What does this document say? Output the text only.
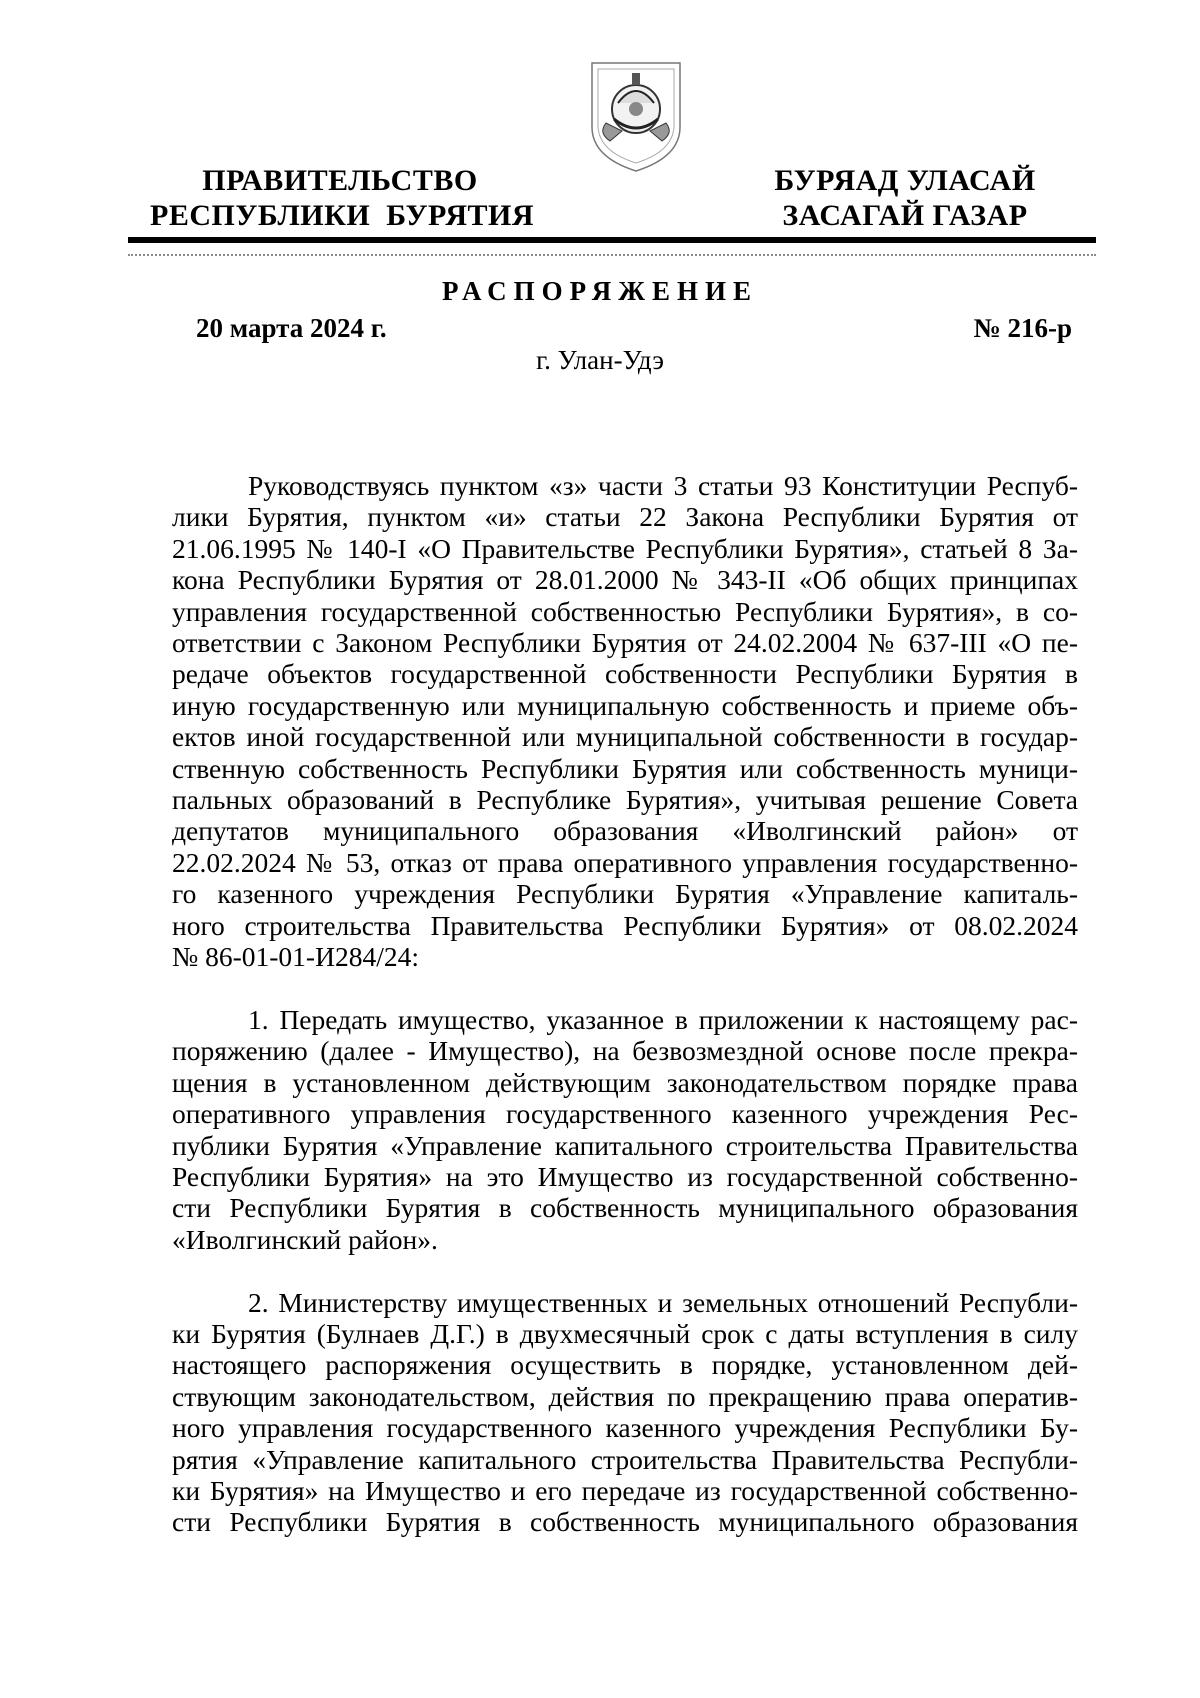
ПРАВИТЕЛЬСТВО
РЕСПУБЛИКИ  БУРЯТИЯ
БУРЯАД УЛАСАЙ
ЗАСАГАЙ ГАЗАР
РАСПОРЯЖЕНИЕ
20 марта 2024 г.	№ 216-р
г. Улан-Удэ
Руководствуясь пунктом «з» части 3 статьи 93 Конституции Респуб-
лики Бурятия, пунктом «и» статьи 22 Закона Республики Бурятия от
21.06.1995 № 140-I «О Правительстве Республики Бурятия», статьей 8 За-
кона Республики Бурятия от 28.01.2000 № 343-II «Об общих принципах
управления государственной собственностью Республики Бурятия», в со-
ответствии с Законом Республики Бурятия от 24.02.2004 № 637-III «О пе-
редаче объектов государственной собственности Республики Бурятия в
иную государственную или муниципальную собственность и приеме объ-
ектов иной государственной или муниципальной собственности в государ-
ственную собственность Республики Бурятия или собственность муници-
пальных образований в Республике Бурятия», учитывая решение Совета
депутатов муниципального образования «Иволгинский район» от
22.02.2024 № 53, отказ от права оперативного управления государственно-
го казенного учреждения Республики Бурятия «Управление капиталь-
ного строительства Правительства Республики Бурятия» от 08.02.2024
№ 86-01-01-И284/24:
1. Передать имущество, указанное в приложении к настоящему рас-
поряжению (далее - Имущество), на безвозмездной основе после прекра-
щения в установленном действующим законодательством порядке права
оперативного управления государственного казенного учреждения Рес-
публики Бурятия «Управление капитального строительства Правительства
Республики Бурятия» на это Имущество из государственной собственно-
сти Республики Бурятия в собственность муниципального образования
«Иволгинский район».
2. Министерству имущественных и земельных отношений Республи-
ки Бурятия (Булнаев Д.Г.) в двухмесячный срок с даты вступления в силу
настоящего распоряжения осуществить в порядке, установленном дей-
ствующим законодательством, действия по прекращению права оператив-
ного управления государственного казенного учреждения Республики Бу-
рятия «Управление капитального строительства Правительства Республи-
ки Бурятия» на Имущество и его передаче из государственной собственно-
сти Республики Бурятия в собственность муниципального образования
